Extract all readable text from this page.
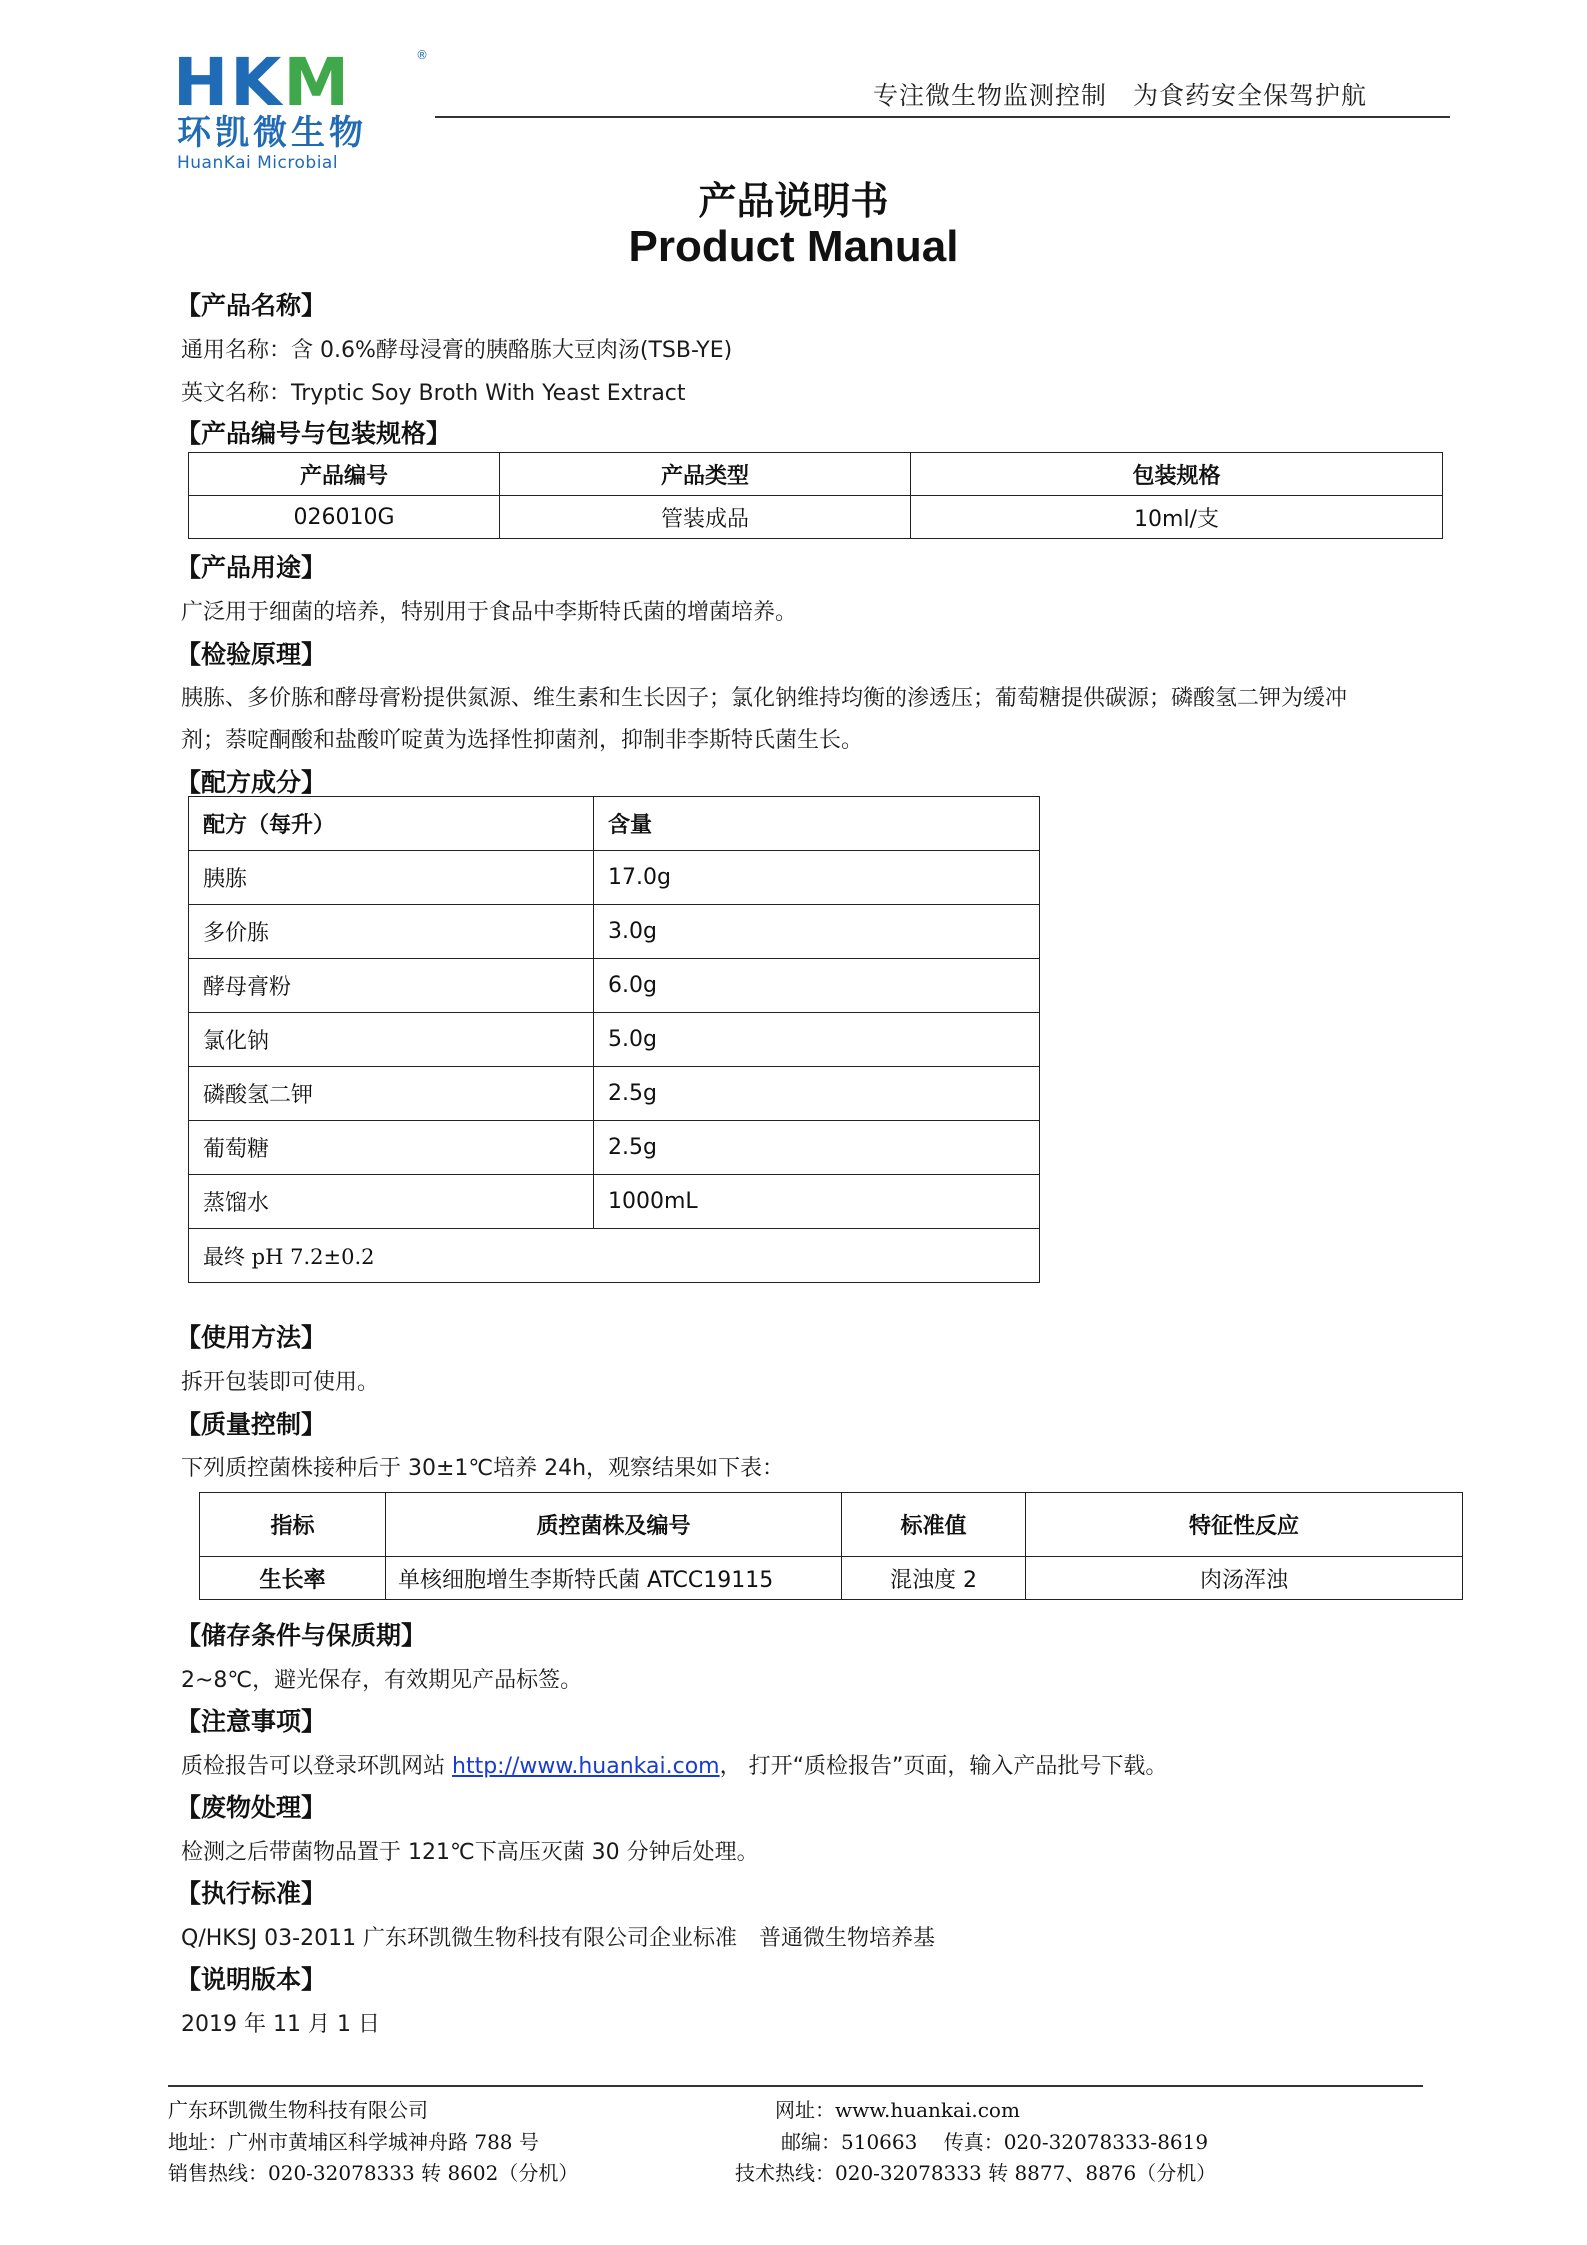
HKM	®
环凯微生物
HuanKai Microbial
专注微生物监测控制　为食药安全保驾护航
产品说明书
Product Manual
【产品名称】
通用名称：含 0.6%酵母浸膏的胰酪胨大豆肉汤(TSB-YE)
英文名称：Tryptic Soy Broth With Yeast Extract
【产品编号与包装规格】
产品编号	产品类型	包装规格
026010G	管装成品	10ml/支
【产品用途】
广泛用于细菌的培养，特别用于食品中李斯特氏菌的增菌培养。
【检验原理】
胰胨、多价胨和酵母膏粉提供氮源、维生素和生长因子；氯化钠维持均衡的渗透压；葡萄糖提供碳源；磷酸氢二钾为缓冲
剂；萘啶酮酸和盐酸吖啶黄为选择性抑菌剂，抑制非李斯特氏菌生长。
【配方成分】
配方（每升）	含量
胰胨	17.0g
多价胨	3.0g
酵母膏粉	6.0g
氯化钠	5.0g
磷酸氢二钾	2.5g
葡萄糖	2.5g
蒸馏水	1000mL
最终 pH 7.2±0.2	
【使用方法】
拆开包装即可使用。
【质量控制】
下列质控菌株接种后于 30±1℃培养 24h，观察结果如下表：
指标	质控菌株及编号	标准值	特征性反应
生长率	单核细胞增生李斯特氏菌 ATCC19115	混浊度 2	肉汤浑浊
【储存条件与保质期】
2~8℃，避光保存，有效期见产品标签。
【注意事项】
质检报告可以登录环凯网站 http://www.huankai.com， 打开“质检报告”页面，输入产品批号下载。
【废物处理】
检测之后带菌物品置于 121℃下高压灭菌 30 分钟后处理。
【执行标准】
Q/HKSJ 03-2011 广东环凯微生物科技有限公司企业标准　普通微生物培养基
【说明版本】
2019 年 11 月 1 日
广东环凯微生物科技有限公司
地址：广州市黄埔区科学城神舟路 788 号
销售热线：020-32078333 转 8602（分机）
网址：www.huankai.com
邮编：510663　 传真：020-32078333-8619
技术热线：020-32078333 转 8877、8876（分机）
